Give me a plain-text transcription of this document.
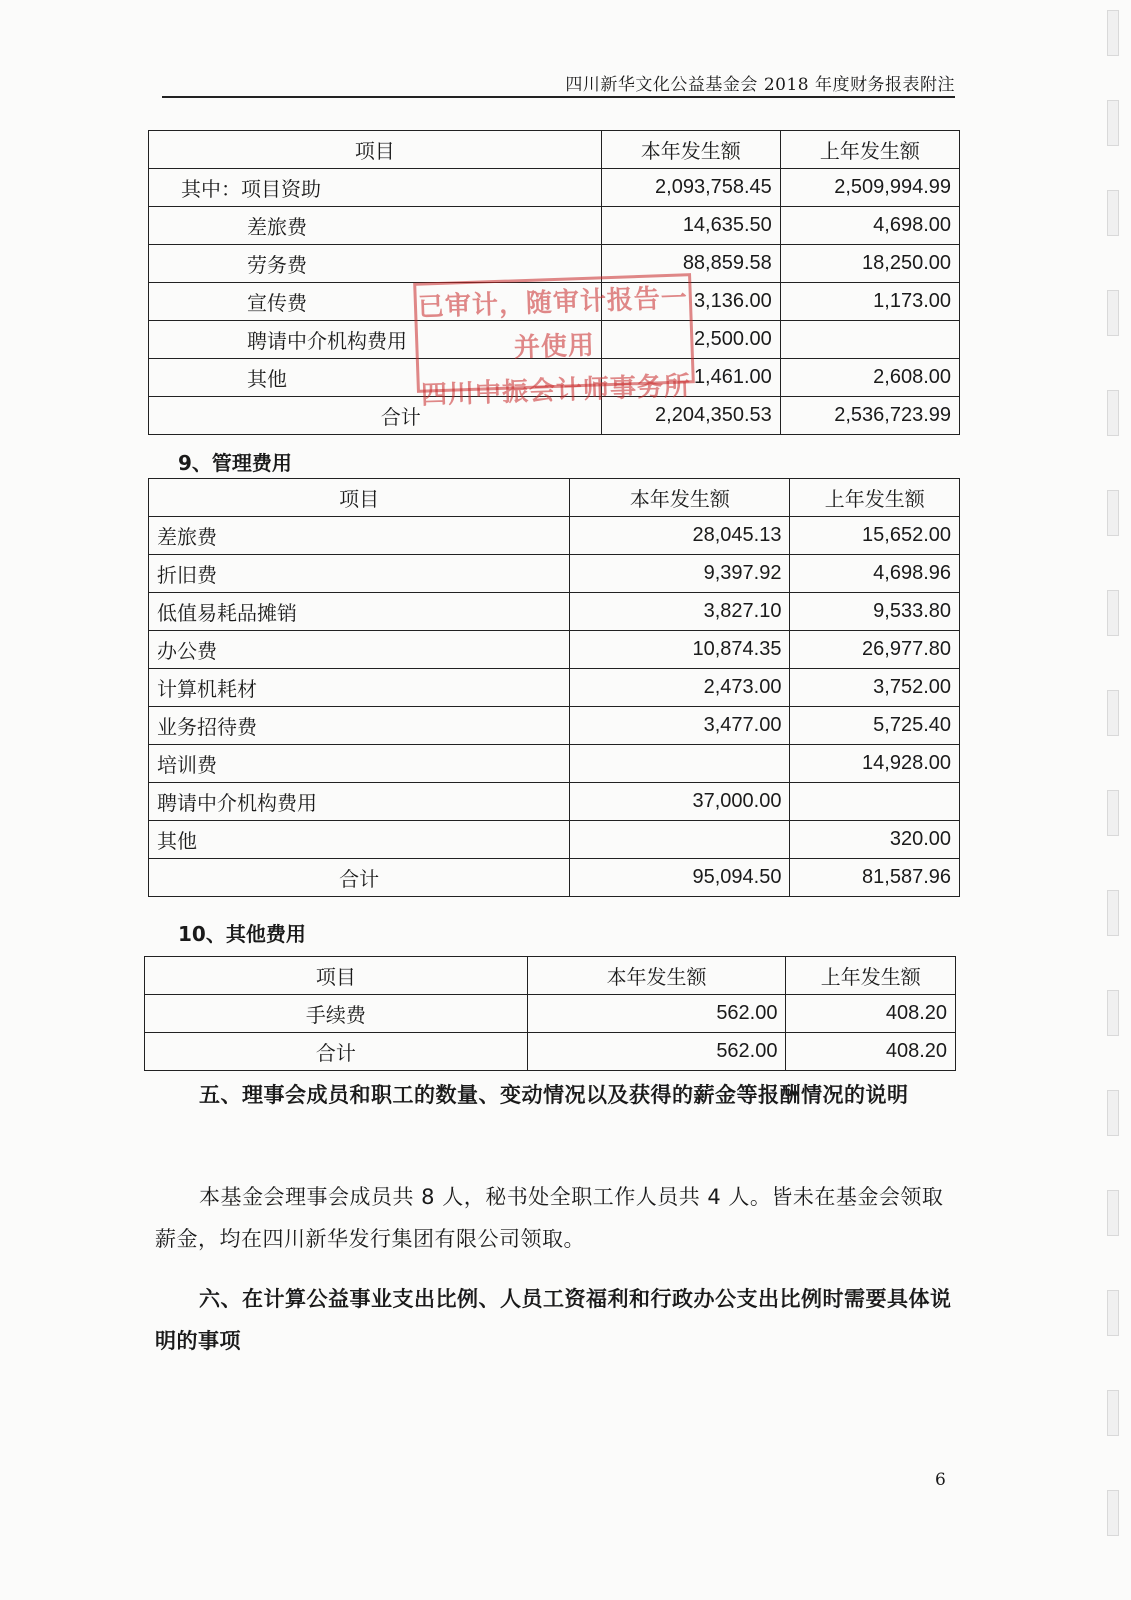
四川新华文化公益基金会 2018 年度财务报表附注
项目	本年发生额	上年发生额
其中：项目资助	2,093,758.45	2,509,994.99
差旅费	14,635.50	4,698.00
劳务费	88,859.58	18,250.00
宣传费	3,136.00	1,173.00
聘请中介机构费用	2,500.00	
其他	1,461.00	2,608.00
合计	2,204,350.53	2,536,723.99
已审计，随审计报告一并使用
四川中振会计师事务所
9、管理费用
项目	本年发生额	上年发生额
差旅费	28,045.13	15,652.00
折旧费	9,397.92	4,698.96
低值易耗品摊销	3,827.10	9,533.80
办公费	10,874.35	26,977.80
计算机耗材	2,473.00	3,752.00
业务招待费	3,477.00	5,725.40
培训费		14,928.00
聘请中介机构费用	37,000.00	
其他		320.00
合计	95,094.50	81,587.96
10、其他费用
项目	本年发生额	上年发生额
手续费	562.00	408.20
合计	562.00	408.20
五、理事会成员和职工的数量、变动情况以及获得的薪金等报酬情况的说明
本基金会理事会成员共 8 人，秘书处全职工作人员共 4 人。皆未在基金会领取薪金，均在四川新华发行集团有限公司领取。
六、在计算公益事业支出比例、人员工资福利和行政办公支出比例时需要具体说明的事项
6
